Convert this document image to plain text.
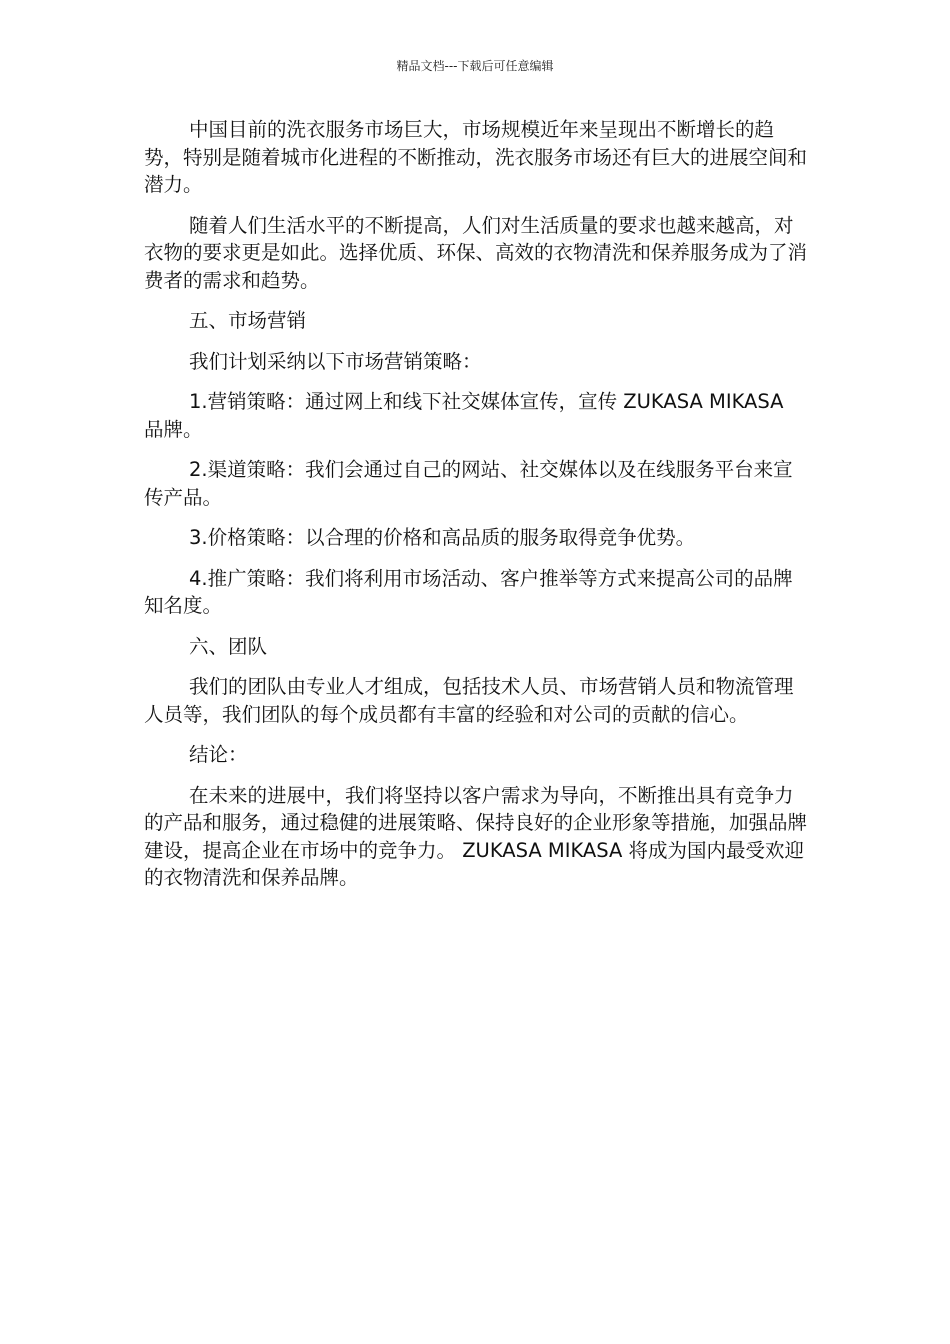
精品文档---下载后可任意编辑

中国目前的洗衣服务市场巨大，市场规模近年来呈现出不断增长的趋势，特别是随着城市化进程的不断推动，洗衣服务市场还有巨大的进展空间和潜力。

随着人们生活水平的不断提高，人们对生活质量的要求也越来越高，对衣物的要求更是如此。选择优质、环保、高效的衣物清洗和保养服务成为了消费者的需求和趋势。

五、市场营销

我们计划采纳以下市场营销策略：

1.营销策略：通过网上和线下社交媒体宣传，宣传 ZUKASA MIKASA 品牌。

2.渠道策略：我们会通过自己的网站、社交媒体以及在线服务平台来宣传产品。

3.价格策略：以合理的价格和高品质的服务取得竞争优势。

4.推广策略：我们将利用市场活动、客户推举等方式来提高公司的品牌知名度。

六、团队

我们的团队由专业人才组成，包括技术人员、市场营销人员和物流管理人员等，我们团队的每个成员都有丰富的经验和对公司的贡献的信心。

结论：

在未来的进展中，我们将坚持以客户需求为导向，不断推出具有竞争力的产品和服务，通过稳健的进展策略、保持良好的企业形象等措施，加强品牌建设，提高企业在市场中的竞争力。 ZUKASA MIKASA 将成为国内最受欢迎的衣物清洗和保养品牌。
